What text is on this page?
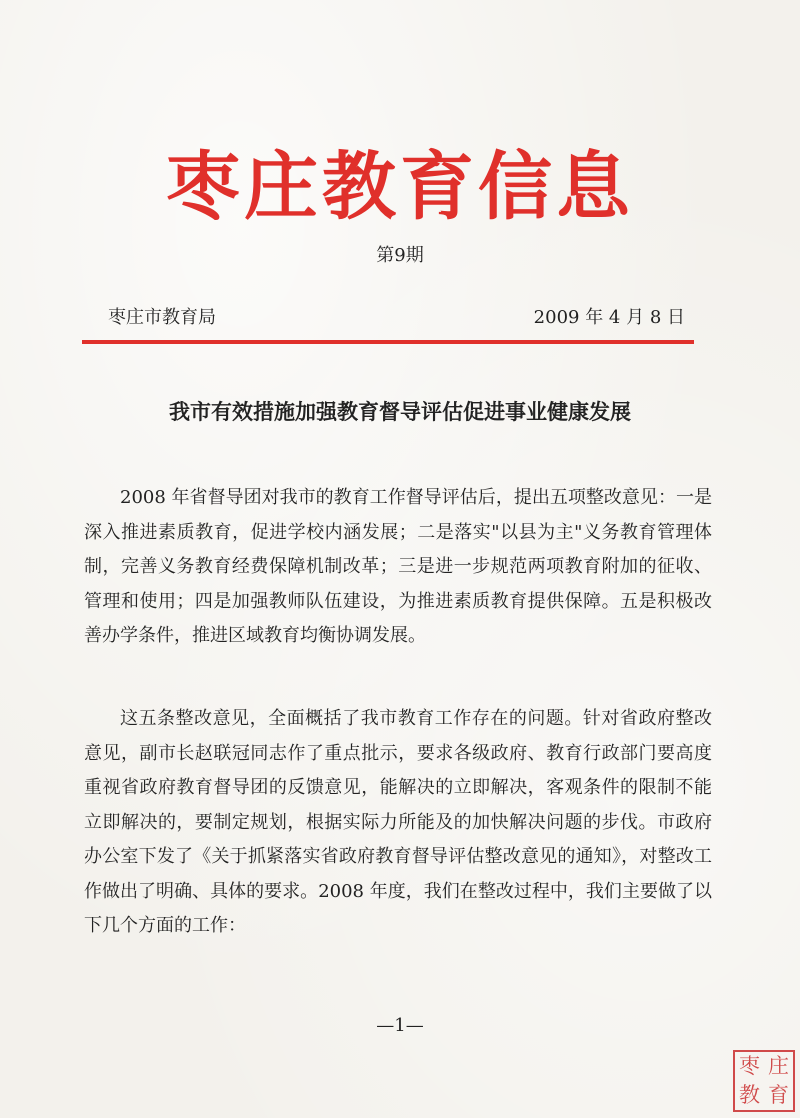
枣庄教育信息
第9期
枣庄市教育局	2009 年 4 月 8 日
我市有效措施加强教育督导评估促进事业健康发展
2008 年省督导团对我市的教育工作督导评估后，提出五项整改意见：一是深入推进素质教育，促进学校内涵发展；二是落实"以县为主"义务教育管理体制，完善义务教育经费保障机制改革；三是进一步规范两项教育附加的征收、管理和使用；四是加强教师队伍建设，为推进素质教育提供保障。五是积极改善办学条件，推进区域教育均衡协调发展。
这五条整改意见，全面概括了我市教育工作存在的问题。针对省政府整改意见，副市长赵联冠同志作了重点批示，要求各级政府、教育行政部门要高度重视省政府教育督导团的反馈意见，能解决的立即解决，客观条件的限制不能立即解决的，要制定规划，根据实际力所能及的加快解决问题的步伐。市政府办公室下发了《关于抓紧落实省政府教育督导评估整改意见的通知》，对整改工作做出了明确、具体的要求。2008 年度，我们在整改过程中，我们主要做了以下几个方面的工作：
—1—
枣 庄
教 育
